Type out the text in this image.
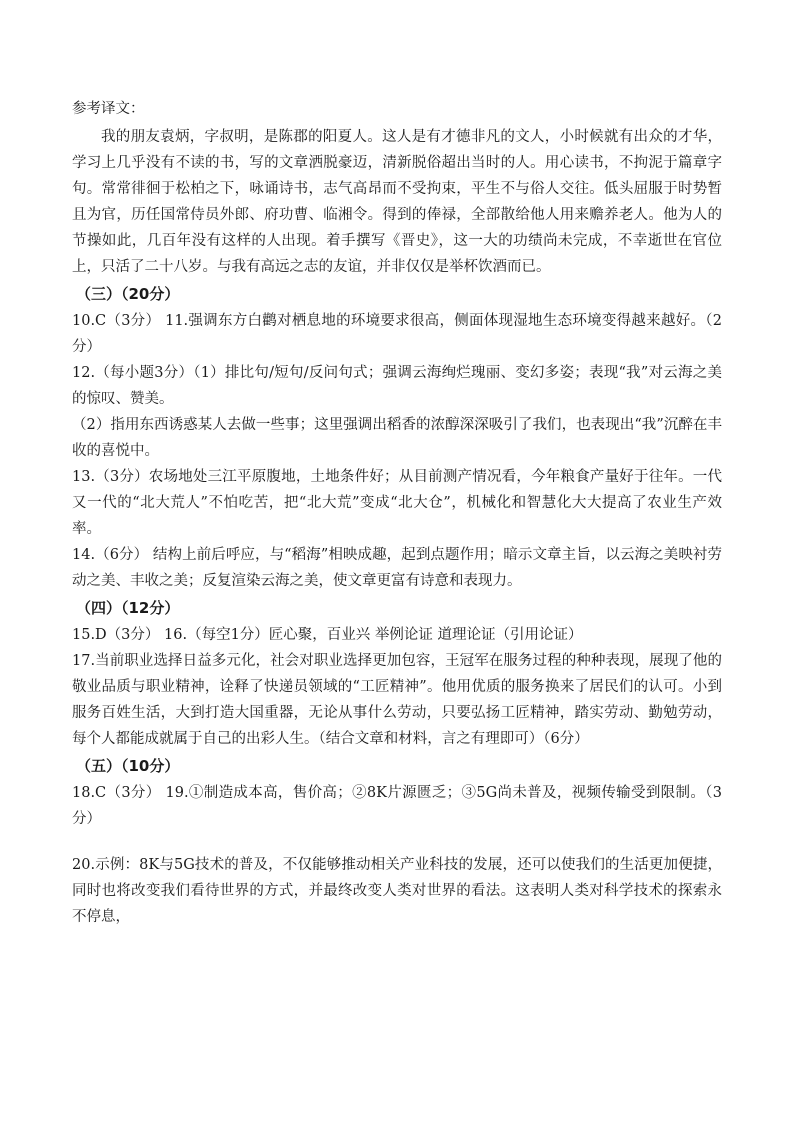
参考译文：

我的朋友袁炳，字叔明，是陈郡的阳夏人。这人是有才德非凡的文人，小时候就有出众的才华，学习上几乎没有不读的书，写的文章洒脱豪迈，清新脱俗超出当时的人。用心读书，不拘泥于篇章字句。常常徘徊于松柏之下，咏诵诗书，志气高昂而不受拘束，平生不与俗人交往。低头屈服于时势暂且为官，历任国常侍员外郎、府功曹、临湘令。得到的俸禄，全部散给他人用来赡养老人。他为人的节操如此，几百年没有这样的人出现。着手撰写《晋史》，这一大的功绩尚未完成，不幸逝世在官位上，只活了二十八岁。与我有高远之志的友谊，并非仅仅是举杯饮酒而已。

（三）（20分）

10.C（3分） 11.强调东方白鹳对栖息地的环境要求很高，侧面体现湿地生态环境变得越来越好。（2分）

12.（每小题3分）（1）排比句/短句/反问句式；强调云海绚烂瑰丽、变幻多姿；表现“我”对云海之美的惊叹、赞美。

（2）指用东西诱惑某人去做一些事；这里强调出稻香的浓醇深深吸引了我们，也表现出“我”沉醉在丰收的喜悦中。

13.（3分）农场地处三江平原腹地，土地条件好；从目前测产情况看，今年粮食产量好于往年。一代又一代的“北大荒人”不怕吃苦，把“北大荒”变成“北大仓”，机械化和智慧化大大提高了农业生产效率。

14.（6分） 结构上前后呼应，与“稻海”相映成趣，起到点题作用；暗示文章主旨，以云海之美映衬劳动之美、丰收之美；反复渲染云海之美，使文章更富有诗意和表现力。

（四）（12分）

15.D（3分） 16.（每空1分）匠心聚，百业兴 举例论证 道理论证（引用论证）

17.当前职业选择日益多元化，社会对职业选择更加包容，王冠军在服务过程的种种表现，展现了他的敬业品质与职业精神，诠释了快递员领域的“工匠精神”。他用优质的服务换来了居民们的认可。小到服务百姓生活，大到打造大国重器，无论从事什么劳动，只要弘扬工匠精神，踏实劳动、勤勉劳动，每个人都能成就属于自己的出彩人生。（结合文章和材料，言之有理即可）（6分）

（五）（10分）

18.C（3分） 19.①制造成本高，售价高；②8K片源匮乏；③5G尚未普及，视频传输受到限制。（3分）

20.示例：8K与5G技术的普及，不仅能够推动相关产业科技的发展，还可以使我们的生活更加便捷，同时也将改变我们看待世界的方式，并最终改变人类对世界的看法。这表明人类对科学技术的探索永不停息，
